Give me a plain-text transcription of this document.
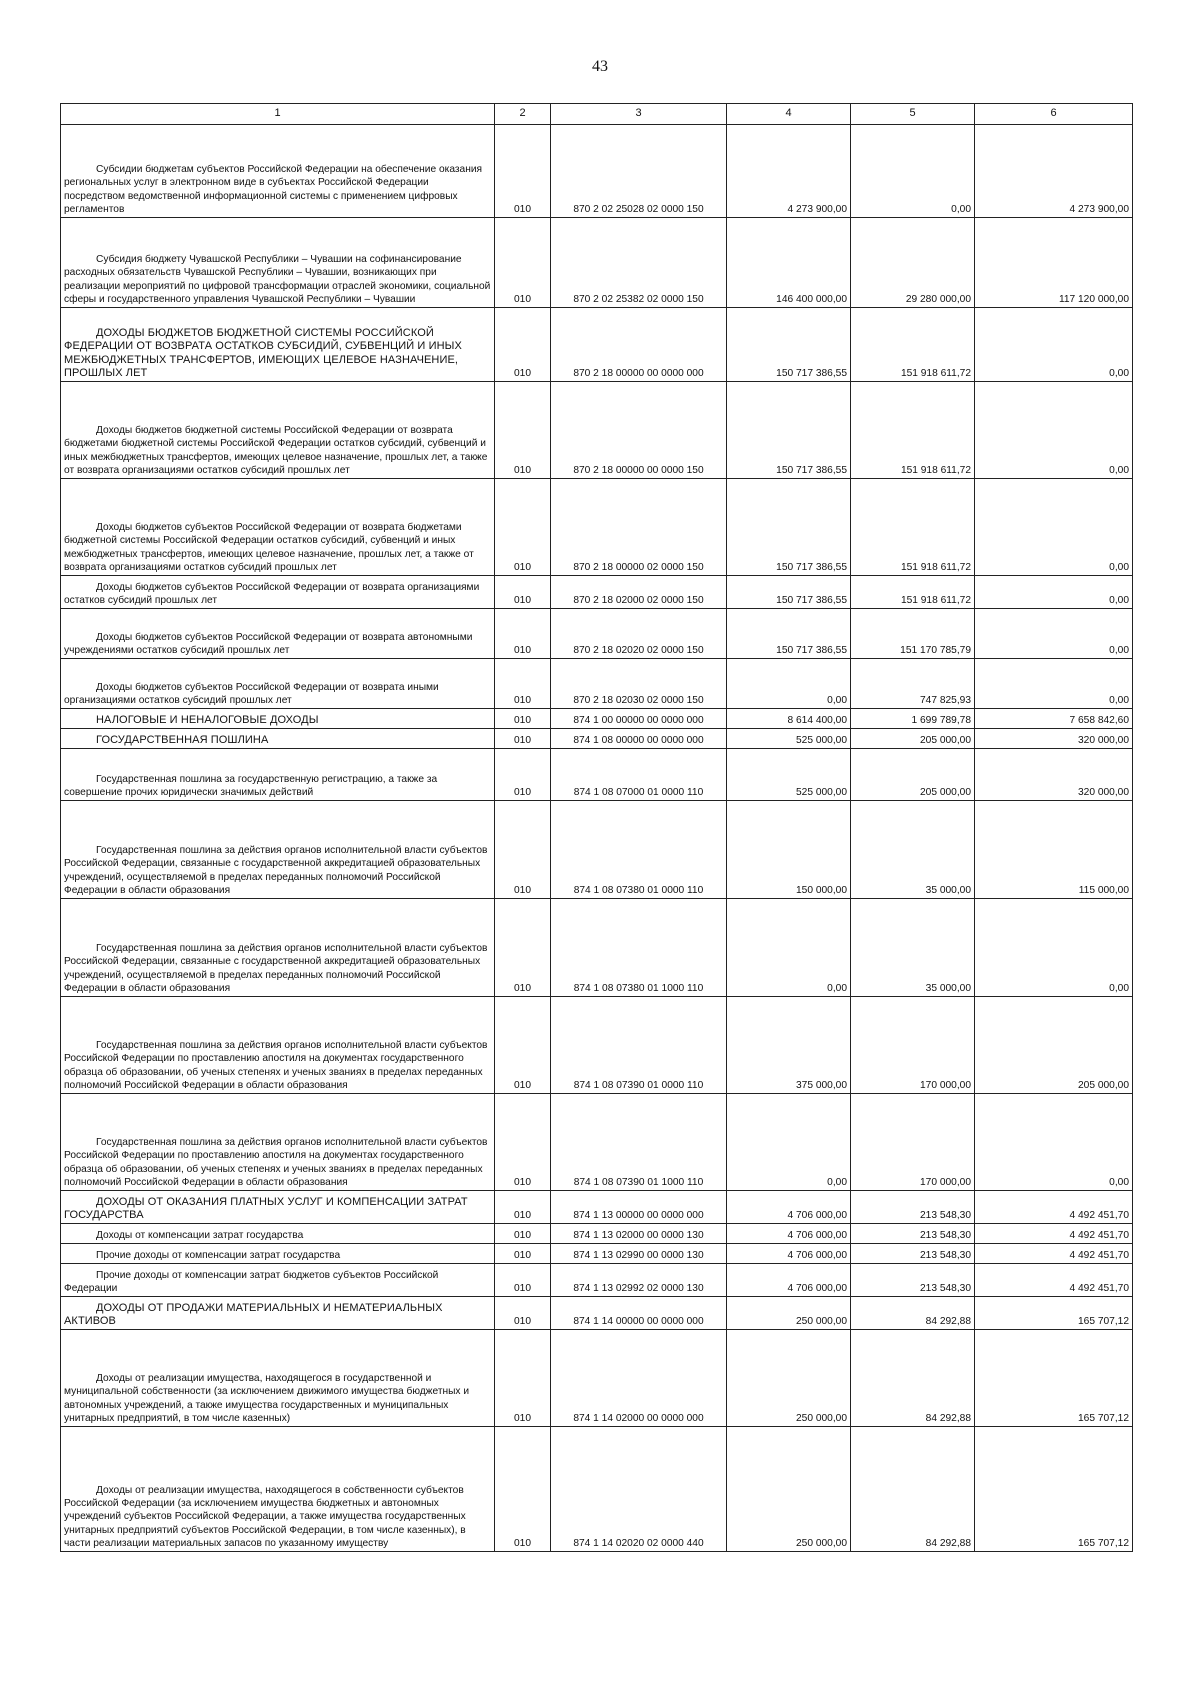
43
1	2	3	4	5	6

Субсидии бюджетам субъектов Российской Федерации на обеспечение оказания региональных услуг в электронном виде в субъектах Российской Федерации посредством ведомственной информационной системы с применением цифровых регламентов	010	870 2 02 25028 02 0000 150	4 273 900,00	0,00	4 273 900,00

Субсидия бюджету Чувашской Республики – Чувашии на софинансирование расходных обязательств Чувашской Республики – Чувашии, возникающих при реализации мероприятий по цифровой трансформации отраслей экономики, социальной сферы и государственного управления Чувашской Республики – Чувашии	010	870 2 02 25382 02 0000 150	146 400 000,00	29 280 000,00	117 120 000,00

ДОХОДЫ БЮДЖЕТОВ БЮДЖЕТНОЙ СИСТЕМЫ РОССИЙСКОЙ ФЕДЕРАЦИИ ОТ ВОЗВРАТА ОСТАТКОВ СУБСИДИЙ, СУБВЕНЦИЙ И ИНЫХ МЕЖБЮДЖЕТНЫХ ТРАНСФЕРТОВ, ИМЕЮЩИХ ЦЕЛЕВОЕ НАЗНАЧЕНИЕ, ПРОШЛЫХ ЛЕТ	010	870 2 18 00000 00 0000 000	150 717 386,55	151 918 611,72	0,00

Доходы бюджетов бюджетной системы Российской Федерации от возврата бюджетами бюджетной системы Российской Федерации остатков субсидий, субвенций и иных межбюджетных трансфертов, имеющих целевое назначение, прошлых лет, а также от возврата организациями остатков субсидий прошлых лет	010	870 2 18 00000 00 0000 150	150 717 386,55	151 918 611,72	0,00

Доходы бюджетов субъектов Российской Федерации от возврата бюджетами бюджетной системы Российской Федерации остатков субсидий, субвенций и иных межбюджетных трансфертов, имеющих целевое назначение, прошлых лет, а также от возврата организациями остатков субсидий прошлых лет	010	870 2 18 00000 02 0000 150	150 717 386,55	151 918 611,72	0,00

Доходы бюджетов субъектов Российской Федерации от возврата организациями остатков субсидий прошлых лет	010	870 2 18 02000 02 0000 150	150 717 386,55	151 918 611,72	0,00

Доходы бюджетов субъектов Российской Федерации от возврата автономными учреждениями остатков субсидий прошлых лет	010	870 2 18 02020 02 0000 150	150 717 386,55	151 170 785,79	0,00

Доходы бюджетов субъектов Российской Федерации от возврата иными организациями остатков субсидий прошлых лет	010	870 2 18 02030 02 0000 150	0,00	747 825,93	0,00

НАЛОГОВЫЕ И НЕНАЛОГОВЫЕ ДОХОДЫ	010	874 1 00 00000 00 0000 000	8 614 400,00	1 699 789,78	7 658 842,60

ГОСУДАРСТВЕННАЯ ПОШЛИНА	010	874 1 08 00000 00 0000 000	525 000,00	205 000,00	320 000,00

Государственная пошлина за государственную регистрацию, а также за совершение прочих юридически значимых действий	010	874 1 08 07000 01 0000 110	525 000,00	205 000,00	320 000,00

Государственная пошлина за действия органов исполнительной власти субъектов Российской Федерации, связанные с государственной аккредитацией образовательных учреждений, осуществляемой в пределах переданных полномочий Российской Федерации в области образования	010	874 1 08 07380 01 0000 110	150 000,00	35 000,00	115 000,00

Государственная пошлина за действия органов исполнительной власти субъектов Российской Федерации, связанные с государственной аккредитацией образовательных учреждений, осуществляемой в пределах переданных полномочий Российской Федерации в области образования	010	874 1 08 07380 01 1000 110	0,00	35 000,00	0,00

Государственная пошлина за действия органов исполнительной власти субъектов Российской Федерации по проставлению апостиля на документах государственного образца об образовании, об ученых степенях и ученых званиях в пределах переданных полномочий Российской Федерации в области образования	010	874 1 08 07390 01 0000 110	375 000,00	170 000,00	205 000,00

Государственная пошлина за действия органов исполнительной власти субъектов Российской Федерации по проставлению апостиля на документах государственного образца об образовании, об ученых степенях и ученых званиях в пределах переданных полномочий Российской Федерации в области образования	010	874 1 08 07390 01 1000 110	0,00	170 000,00	0,00

ДОХОДЫ ОТ ОКАЗАНИЯ ПЛАТНЫХ УСЛУГ И КОМПЕНСАЦИИ ЗАТРАТ ГОСУДАРСТВА	010	874 1 13 00000 00 0000 000	4 706 000,00	213 548,30	4 492 451,70

Доходы от компенсации затрат государства	010	874 1 13 02000 00 0000 130	4 706 000,00	213 548,30	4 492 451,70

Прочие доходы от компенсации затрат государства	010	874 1 13 02990 00 0000 130	4 706 000,00	213 548,30	4 492 451,70

Прочие доходы от компенсации затрат бюджетов субъектов Российской Федерации	010	874 1 13 02992 02 0000 130	4 706 000,00	213 548,30	4 492 451,70

ДОХОДЫ ОТ ПРОДАЖИ МАТЕРИАЛЬНЫХ И НЕМАТЕРИАЛЬНЫХ АКТИВОВ	010	874 1 14 00000 00 0000 000	250 000,00	84 292,88	165 707,12

Доходы от реализации имущества, находящегося в государственной и муниципальной собственности (за исключением движимого имущества бюджетных и автономных учреждений, а также имущества государственных и муниципальных унитарных предприятий, в том числе казенных)	010	874 1 14 02000 00 0000 000	250 000,00	84 292,88	165 707,12

Доходы от реализации имущества, находящегося в собственности субъектов Российской Федерации (за исключением имущества бюджетных и автономных учреждений субъектов Российской Федерации, а также имущества государственных унитарных предприятий субъектов Российской Федерации, в том числе казенных), в части реализации материальных запасов по указанному имуществу	010	874 1 14 02020 02 0000 440	250 000,00	84 292,88	165 707,12
